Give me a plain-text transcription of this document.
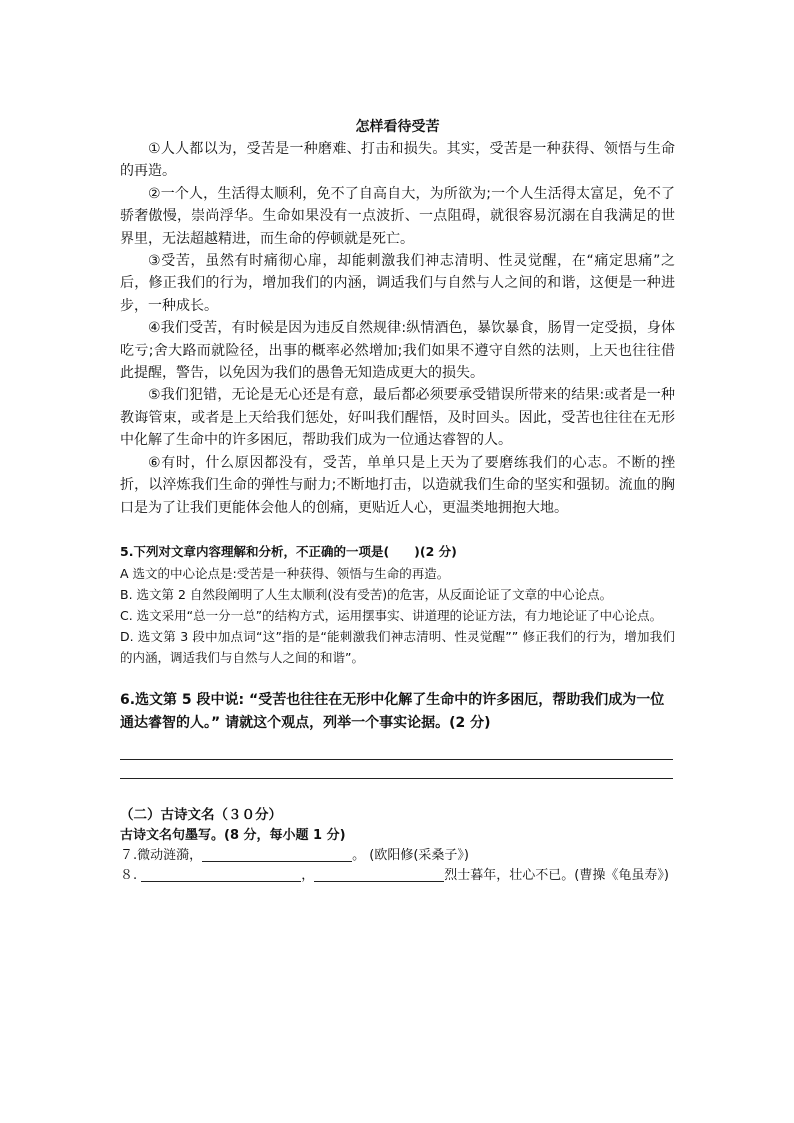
怎样看待受苦

①人人都以为，受苦是一种磨难、打击和损失。其实，受苦是一种获得、领悟与生命的再造。

②一个人，生活得太顺利，免不了自高自大，为所欲为;一个人生活得太富足，免不了骄奢傲慢，崇尚浮华。生命如果没有一点波折、一点阻碍，就很容易沉溺在自我满足的世界里，无法超越精进，而生命的停顿就是死亡。

③受苦，虽然有时痛彻心扉，却能刺激我们神志清明、性灵觉醒，在“痛定思痛”之后，修正我们的行为，增加我们的内涵，调适我们与自然与人之间的和谐，这便是一种进步，一种成长。

④我们受苦，有时候是因为违反自然规律:纵情酒色，暴饮暴食，肠胃一定受损，身体吃亏;舍大路而就险径，出事的概率必然增加;我们如果不遵守自然的法则，上天也往往借此提醒，警告，以免因为我们的愚鲁无知造成更大的损失。

⑤我们犯错，无论是无心还是有意，最后都必须要承受错误所带来的结果:或者是一种教诲管束，或者是上天给我们惩处，好叫我们醒悟，及时回头。因此，受苦也往往在无形中化解了生命中的许多困厄，帮助我们成为一位通达睿智的人。

⑥有时，什么原因都没有，受苦，单单只是上天为了要磨练我们的心志。不断的挫折，以淬炼我们生命的弹性与耐力;不断地打击，以造就我们生命的坚实和强韧。流血的胸口是为了让我们更能体会他人的创痛，更贴近人心，更温类地拥抱大地。

5.下列对文章内容理解和分析，不正确的一项是(　　)(2 分)

A 选文的中心论点是:受苦是一种获得、领悟与生命的再造。

B. 选文第 2 自然段阐明了人生太顺利(没有受苦)的危害，从反面论证了文章的中心论点。

C. 选文采用“总一分一总”的结构方式，运用摆事实、讲道理的论证方法，有力地论证了中心论点。

D. 选文第 3 段中加点词“这”指的是“能刺激我们神志清明、性灵觉醒”” 修正我们的行为，增加我们的内涵，调适我们与自然与人之间的和谐”。

6.选文第 5 段中说: “受苦也往往在无形中化解了生命中的许多困厄，帮助我们成为一位通达睿智的人。” 请就这个观点，列举一个事实论据。(2 分)

（二）古诗文名（３０分）

古诗文名句墨写。(8 分，每小题 1 分)

７.微动涟漪，	。 (欧阳修(采桑子》)

８.	，	烈士暮年，壮心不已。(曹操《龟虽寿》)
